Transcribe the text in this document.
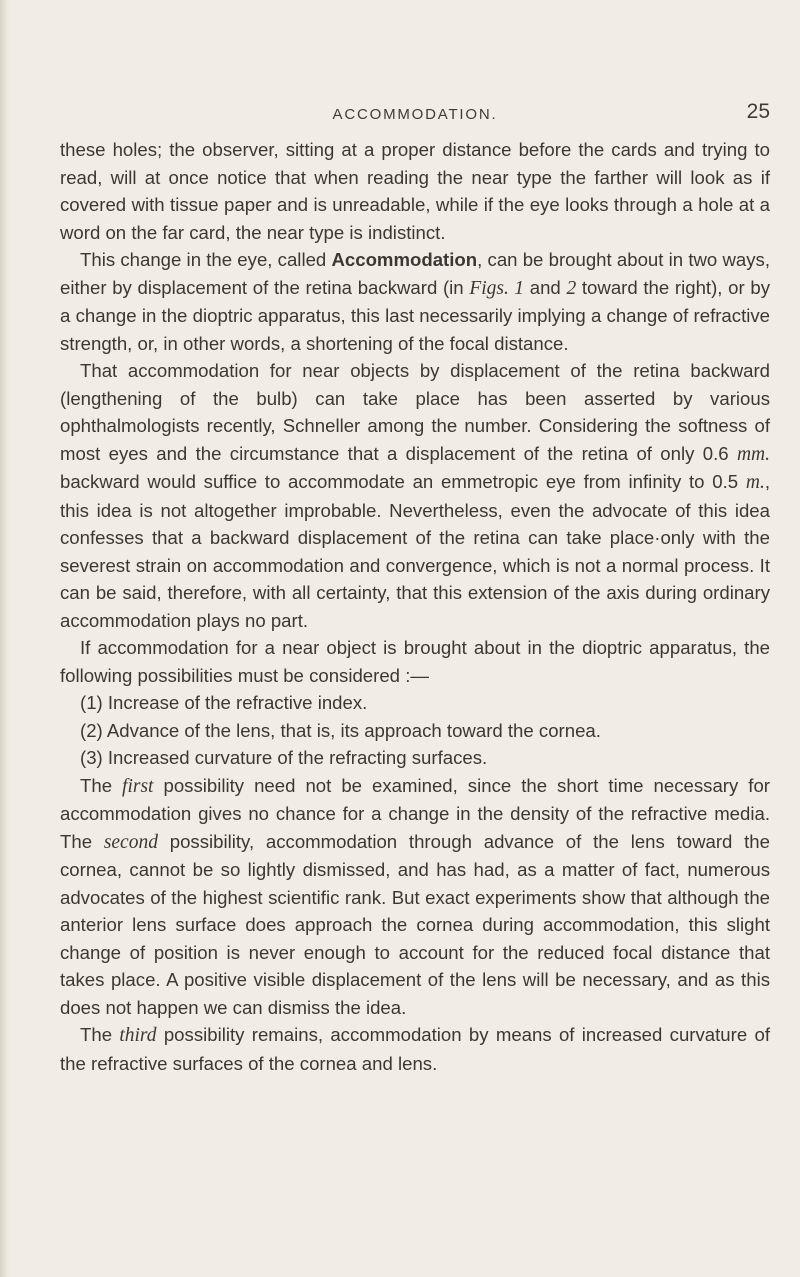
ACCOMMODATION.	25

these holes; the observer, sitting at a proper distance before the cards and trying to read, will at once notice that when reading the near type the farther will look as if covered with tissue paper and is unreadable, while if the eye looks through a hole at a word on the far card, the near type is indistinct.

This change in the eye, called Accommodation, can be brought about in two ways, either by displacement of the retina backward (in Figs. 1 and 2 toward the right), or by a change in the dioptric apparatus, this last necessarily implying a change of refractive strength, or, in other words, a shortening of the focal distance.

That accommodation for near objects by displacement of the retina backward (lengthening of the bulb) can take place has been asserted by various ophthalmologists recently, Schneller among the number. Considering the softness of most eyes and the circumstance that a displacement of the retina of only 0.6 mm. backward would suffice to accommodate an emmetropic eye from infinity to 0.5 m., this idea is not altogether improbable. Nevertheless, even the advocate of this idea confesses that a backward displacement of the retina can take place·only with the severest strain on accommodation and convergence, which is not a normal process. It can be said, therefore, with all certainty, that this extension of the axis during ordinary accommodation plays no part.

If accommodation for a near object is brought about in the dioptric apparatus, the following possibilities must be considered :—

(1) Increase of the refractive index.

(2) Advance of the lens, that is, its approach toward the cornea.

(3) Increased curvature of the refracting surfaces.

The first possibility need not be examined, since the short time necessary for accommodation gives no chance for a change in the density of the refractive media. The second possibility, accommodation through advance of the lens toward the cornea, cannot be so lightly dismissed, and has had, as a matter of fact, numerous advocates of the highest scientific rank. But exact experiments show that although the anterior lens surface does approach the cornea during accommodation, this slight change of position is never enough to account for the reduced focal distance that takes place. A positive visible displacement of the lens will be necessary, and as this does not happen we can dismiss the idea.

The third possibility remains, accommodation by means of increased curvature of the refractive surfaces of the cornea and lens.
